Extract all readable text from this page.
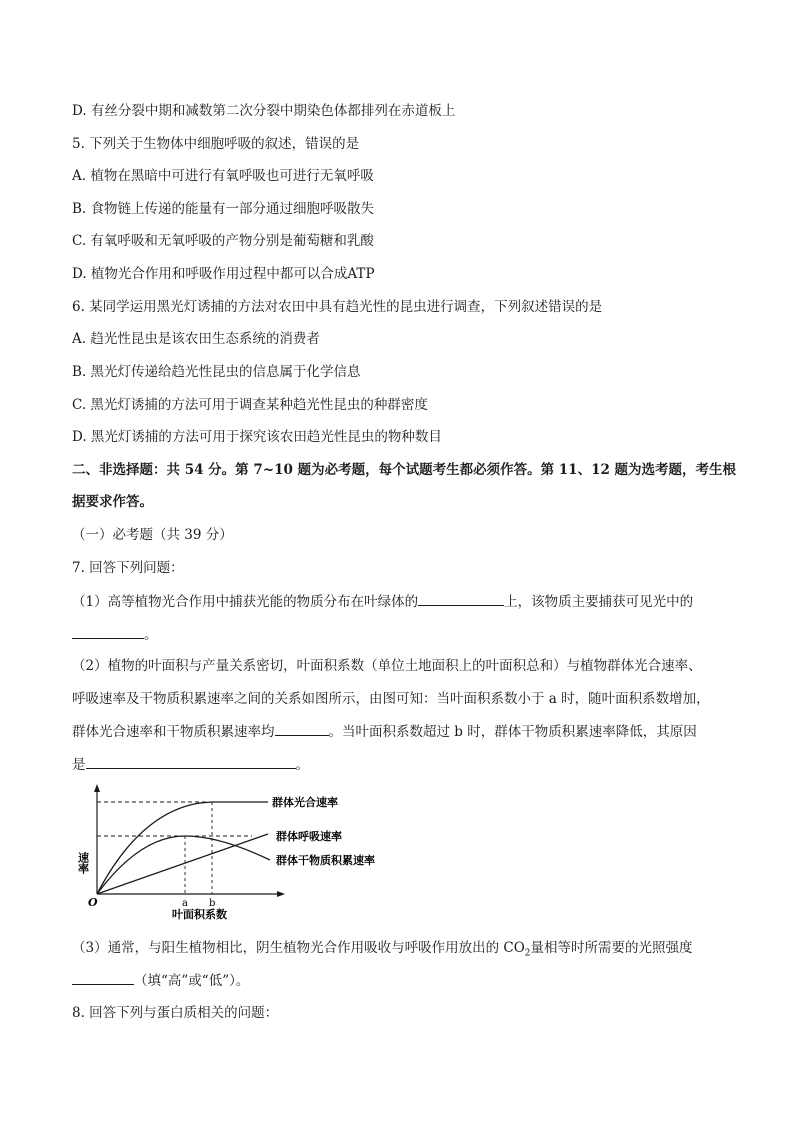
D. 有丝分裂中期和减数第二次分裂中期染色体都排列在赤道板上
5. 下列关于生物体中细胞呼吸的叙述，错误的是
A. 植物在黑暗中可进行有氧呼吸也可进行无氧呼吸
B. 食物链上传递的能量有一部分通过细胞呼吸散失
C. 有氧呼吸和无氧呼吸的产物分别是葡萄糖和乳酸
D. 植物光合作用和呼吸作用过程中都可以合成ATP
6. 某同学运用黑光灯诱捕的方法对农田中具有趋光性的昆虫进行调查，下列叙述错误的是
A. 趋光性昆虫是该农田生态系统的消费者
B. 黑光灯传递给趋光性昆虫的信息属于化学信息
C. 黑光灯诱捕的方法可用于调查某种趋光性昆虫的种群密度
D. 黑光灯诱捕的方法可用于探究该农田趋光性昆虫的物种数目
二、非选择题：共 54 分。第 7~10 题为必考题，每个试题考生都必须作答。第 11、12 题为选考题，考生根
据要求作答。
（一）必考题（共 39 分）
7. 回答下列问题：
（1）高等植物光合作用中捕获光能的物质分布在叶绿体的	上，该物质主要捕获可见光中的
。
（2）植物的叶面积与产量关系密切，叶面积系数（单位土地面积上的叶面积总和）与植物群体光合速率、
呼吸速率及干物质积累速率之间的关系如图所示，由图可知：当叶面积系数小于 a 时，随叶面积系数增加，
群体光合速率和干物质积累速率均	。当叶面积系数超过 b 时，群体干物质积累速率降低，其原因
是	。
群体光合速率
群体呼吸速率
群体干物质积累速率
速率
O	a b
叶面积系数
（3）通常，与阳生植物相比，阴生植物光合作用吸收与呼吸作用放出的 $CO_2$量相等时所需要的光照强度
（填“高”或“低”）。
8. 回答下列与蛋白质相关的问题：
